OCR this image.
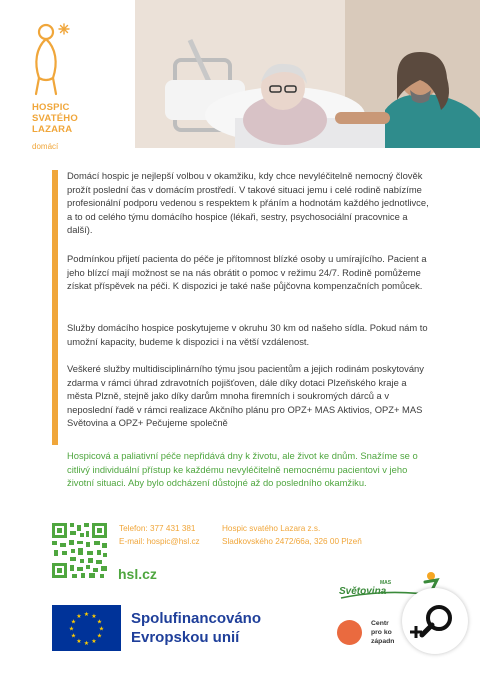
HOSPIC
SVATÉHO
LAZARA
domácí

Domácí hospic je nejlepší volbou v okamžiku, kdy chce nevyléčitelně nemocný člověk prožít poslední čas v domácím prostředí. V takové situaci jemu i celé rodině nabízíme profesionální podporu vedenou s respektem k přáním a hodnotám každého jednotlivce, a to od celého týmu domácího hospice (lékaři, sestry, psychosociální pracovnice a další).

Podmínkou přijetí pacienta do péče je přítomnost blízké osoby u umírajícího. Pacient a jeho blízcí mají možnost se na nás obrátit o pomoc v režimu 24/7. Rodině pomůžeme získat příspěvek na péči. K dispozici je také naše půjčovna kompenzačních pomůcek.

Služby domácího hospice poskytujeme v okruhu 30 km od našeho sídla. Pokud nám to umožní kapacity, budeme k dispozici i na větší vzdálenost.

Veškeré služby multidisciplinárního týmu jsou pacientům a jejich rodinám poskytovány zdarma v rámci úhrad zdravotních pojišťoven, dále díky dotaci Plzeňského kraje a města Plzně, stejně jako díky darům mnoha firemních i soukromých dárců a v neposlední řadě v rámci realizace Akčního plánu pro OPZ+ MAS Aktivios, OPZ+ MAS Světovina a OPZ+ Pečujeme společně

Hospicová a paliativní péče nepřidává dny k životu, ale život ke dnům. Snažíme se o citlivý individuální přístup ke každému nevyléčitelně nemocnému pacientovi v jeho životní situaci. Aby bylo odcházení důstojné až do posledního okamžiku.
Telefon: 377 431 381
E-mail: hospic@hsl.cz
Hospic svatého Lazara z.s.
Sladkovského 2472/66a, 326 00 Plzeň
hsl.cz
★ ★
★
★
★
★
★
★
★
★
★
★	Spolufinancováno
Evropskou unií
MAS
Světovina
Centr
pro ko
západn
